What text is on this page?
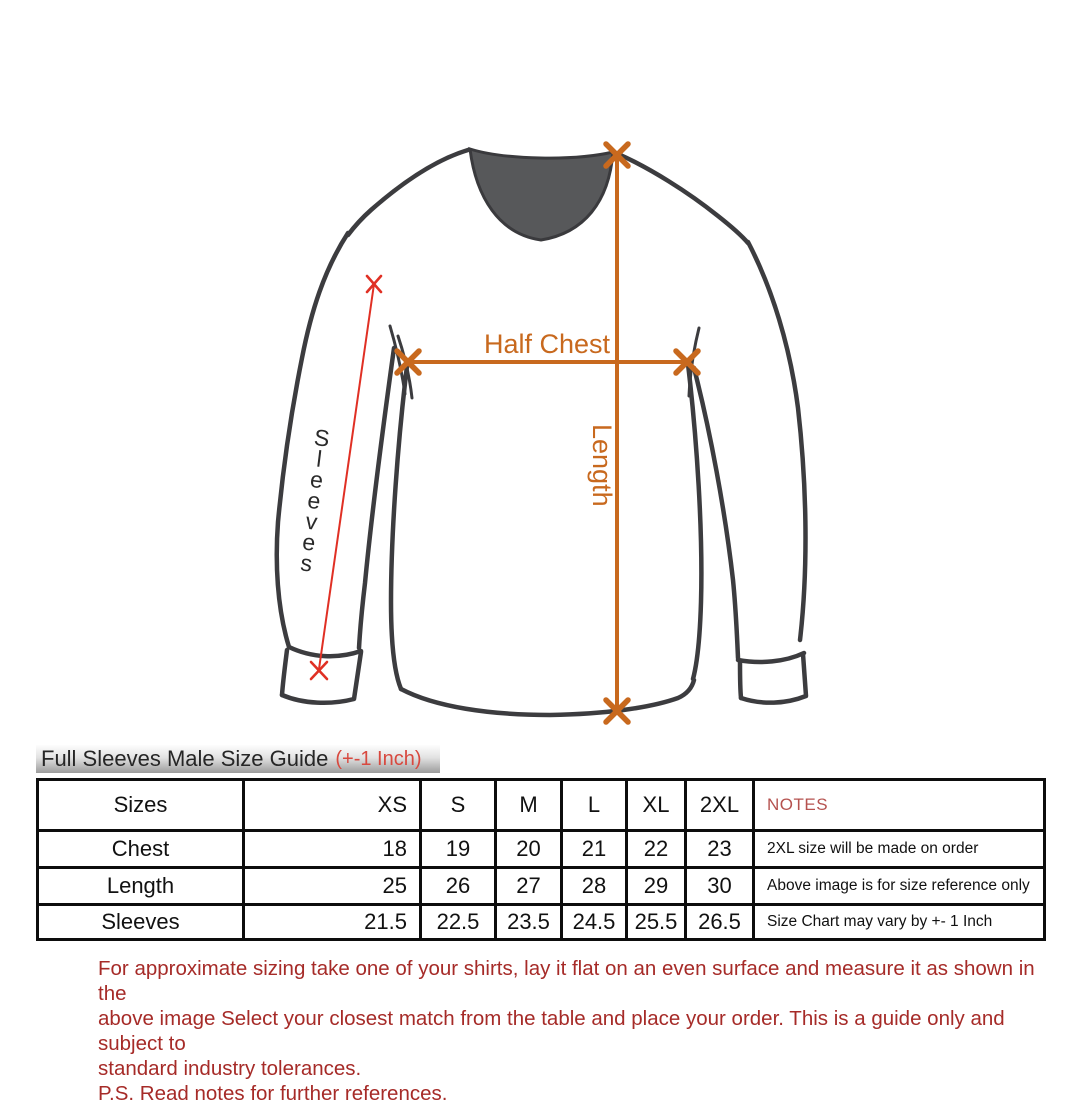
Half Chest
Length
S
l
e
e
v
e
s
Full Sleeves Male Size Guide (+-1 Inch)
Sizes	XS	S	M	L	XL	2XL	NOTES
Chest	18	19	20	21	22	23	2XL size will be made on order
Length	25	26	27	28	29	30	Above image is for size reference only
Sleeves	21.5	22.5	23.5	24.5	25.5	26.5	Size Chart may vary by +- 1 Inch
For approximate sizing take one of your shirts, lay it flat on an even surface and measure it as shown in the
above image Select your closest match from the table and place your order. This is a guide only and subject to
standard industry tolerances.
P.S. Read notes for further references.
